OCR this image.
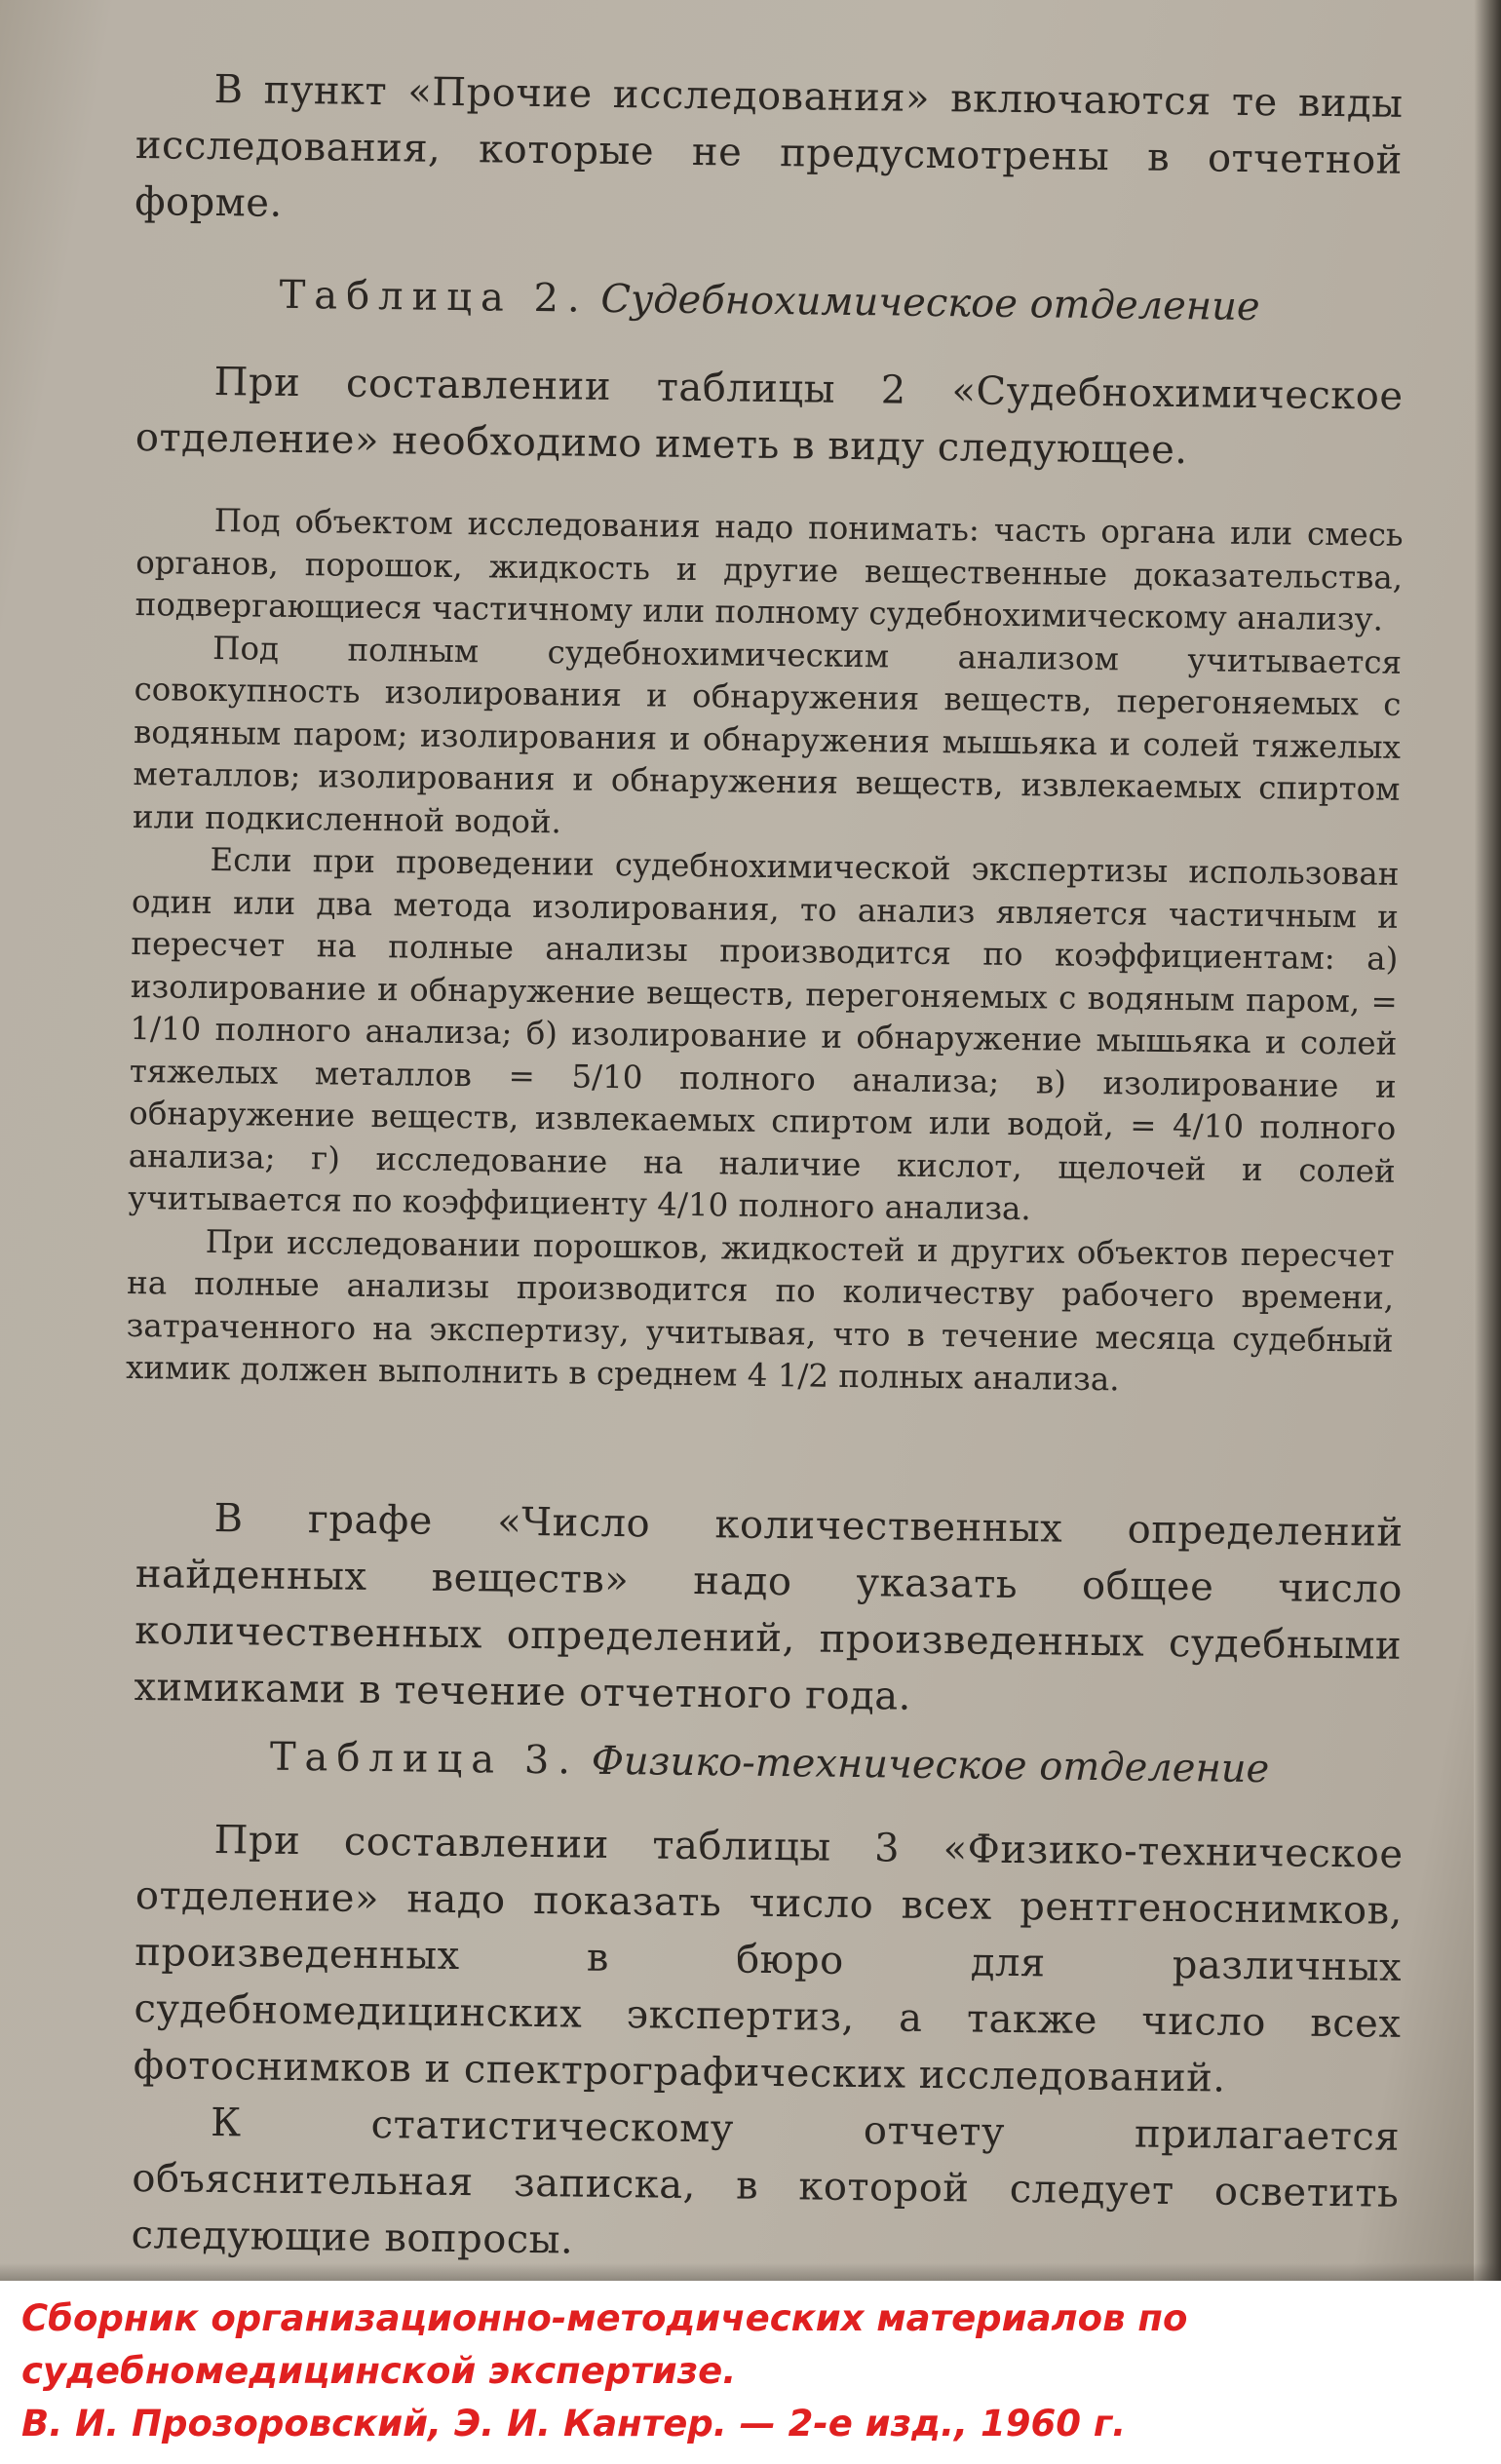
В пункт «Прочие исследования» включаются те виды исследования, которые не предусмотрены в отчетной форме.

Таблица 2. Судебнохимическое отделение

При составлении таблицы 2 «Судебнохимическое отделение» необходимо иметь в виду следующее.

Под объектом исследования надо понимать: часть органа или смесь органов, порошок, жидкость и другие вещественные доказательства, подвергающиеся частичному или полному судебнохимическому анализу.

Под полным судебнохимическим анализом учитывается совокупность изолирования и обнаружения веществ, перегоняемых с водяным паром; изолирования и обнаружения мышьяка и солей тяжелых металлов; изолирования и обнаружения веществ, извлекаемых спиртом или подкисленной водой.

Если при проведении судебнохимической экспертизы использован один или два метода изолирования, то анализ является частичным и пересчет на полные анализы производится по коэффициентам: а) изолирование и обнаружение веществ, перегоняемых с водяным паром, = 1/10 полного анализа; б) изолирование и обнаружение мышьяка и солей тяжелых металлов = 5/10 полного анализа; в) изолирование и обнаружение веществ, извлекаемых спиртом или водой, = 4/10 полного анализа; г) исследование на наличие кислот, щелочей и солей учитывается по коэффициенту 4/10 полного анализа.

При исследовании порошков, жидкостей и других объектов пересчет на полные анализы производится по количеству рабочего времени, затраченного на экспертизу, учитывая, что в течение месяца судебный химик должен выполнить в среднем 4 1/2 полных анализа.

В графе «Число количественных определений найденных веществ» надо указать общее число количественных определений, произведенных судебными химиками в течение отчетного года.

Таблица 3. Физико-техническое отделение

При составлении таблицы 3 «Физико-техническое отделение» надо показать число всех рентгеноснимков, произведенных в бюро для различных судебномедицинских экспертиз, а также число всех фотоснимков и спектрографических исследований.

К статистическому отчету прилагается объяснительная записка, в которой следует осветить следующие вопросы.

Сборник организационно-методических материалов по
судебномедицинской экспертизе.
В. И. Прозоровский, Э. И. Кантер. — 2-е изд., 1960 г.
